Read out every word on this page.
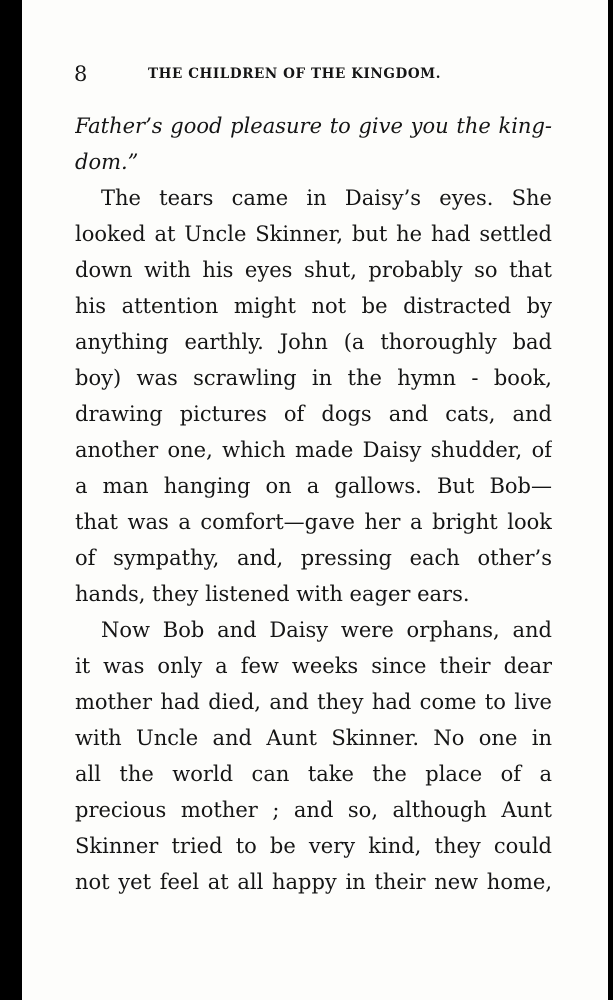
8	THE CHILDREN OF THE KINGDOM.
Father’s good pleasure to give you the king-
dom.”
The tears came in Daisy’s eyes. She
looked at Uncle Skinner, but he had settled
down with his eyes shut, probably so that
his attention might not be distracted by
anything earthly. John (a thoroughly bad
boy) was scrawling in the hymn - book,
drawing pictures of dogs and cats, and
another one, which made Daisy shudder, of
a man hanging on a gallows. But Bob—
that was a comfort—gave her a bright look
of sympathy, and, pressing each other’s
hands, they listened with eager ears.
Now Bob and Daisy were orphans, and
it was only a few weeks since their dear
mother had died, and they had come to live
with Uncle and Aunt Skinner. No one in
all the world can take the place of a
precious mother ; and so, although Aunt
Skinner tried to be very kind, they could
not yet feel at all happy in their new home,
